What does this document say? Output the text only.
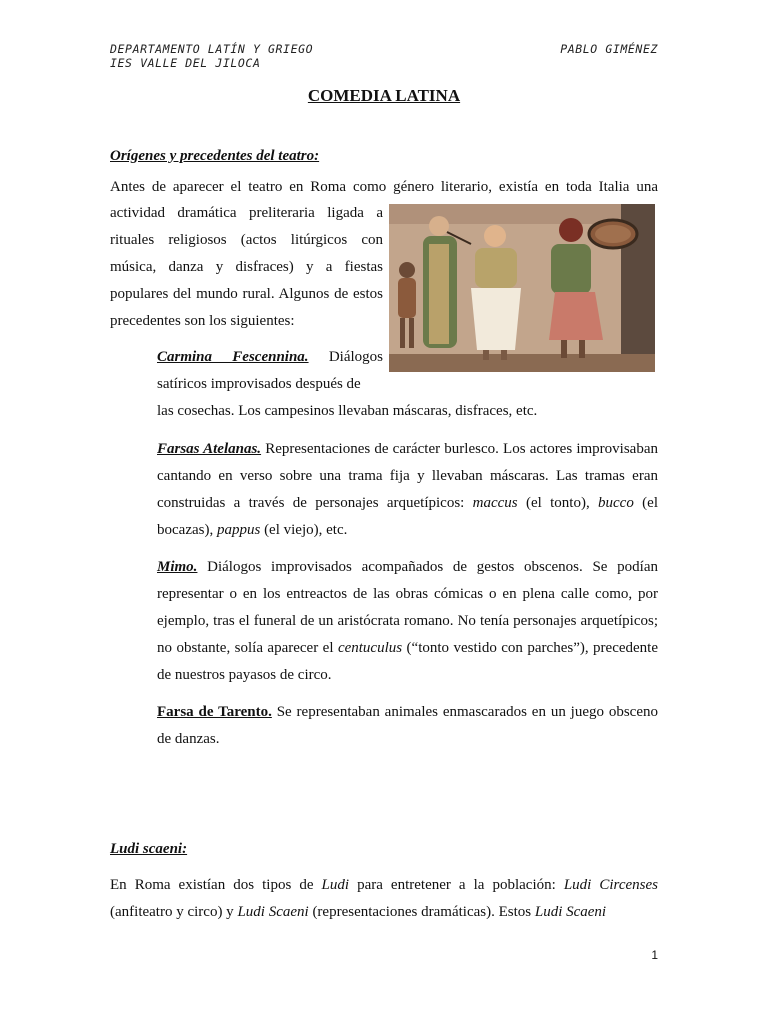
DEPARTAMENTO LATÍN Y GRIEGO
IES VALLE DEL JILOCA
PABLO GIMÉNEZ
COMEDIA LATINA
Orígenes y precedentes del teatro:
Antes de aparecer el teatro en Roma como género literario, existía en toda Italia una
actividad dramática preliteraria ligada a rituales religiosos (actos litúrgicos con música, danza y disfraces) y a fiestas populares del mundo rural. Algunos de estos precedentes son los siguientes:
Carmina Fescennina. Diálogos satíricos improvisados después de
las cosechas. Los campesinos llevaban máscaras, disfraces, etc.
Farsas Atelanas. Representaciones de carácter burlesco. Los actores improvisaban cantando en verso sobre una trama fija y llevaban máscaras. Las tramas eran construidas a través de personajes arquetípicos: maccus (el tonto), bucco (el bocazas), pappus (el viejo), etc.
Mimo. Diálogos improvisados acompañados de gestos obscenos. Se podían representar o en los entreactos de las obras cómicas o en plena calle como, por ejemplo, tras el funeral de un aristócrata romano. No tenía personajes arquetípicos; no obstante, solía aparecer el centuculus (“tonto vestido con parches”), precedente de nuestros payasos de circo.
Farsa de Tarento. Se representaban animales enmascarados en un juego obsceno de danzas.
Ludi scaeni:
En Roma existían dos tipos de Ludi para entretener a la población: Ludi Circenses (anfiteatro y circo) y Ludi Scaeni (representaciones dramáticas). Estos Ludi Scaeni
1
